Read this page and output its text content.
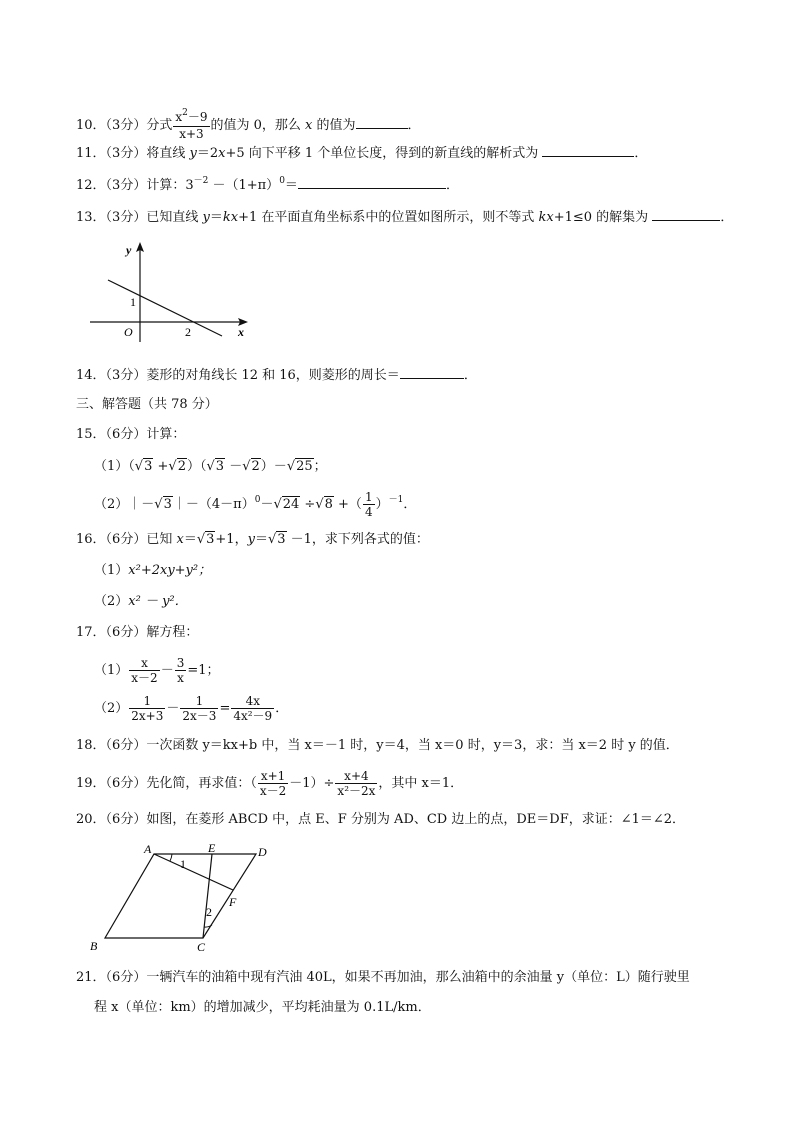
10．（3分）分式 $\frac{x^2-9}{x+3}$ 的值为 0，那么 x 的值为	．
11．（3分）将直线 y＝2x+5 向下平移 1 个单位长度，得到的新直线的解析式为	．
12．（3分）计算：$3^{-2} -(1+\pi)^0=$	．
13．（3分）已知直线 y＝kx+1 在平面直角坐标系中的位置如图所示，则不等式 kx+1≤0 的解集为	．
y
x
O
1
2
14．（3分）菱形的对角线长 12 和 16，则菱形的周长＝	．
三、解答题（共 78 分）
15．（6分）计算：
（1）（√3 +√2）（√3 －√2）－√25；
$(2)|-√3|-(4-\pi)^0-√24 \div√8$ +（ $\frac{1}{4} )^{-1}$．
16．（6分）已知 x＝√3+1，y＝√3 －1，求下列各式的值：
（1）x²+2xy+y²；
（2）x² － y²．
17．（6分）解方程：
$(1) \frac{x}{x-2} - \frac{3}{x} =1$；
$(2) \frac{1}{2x+3} - \frac{1}{2x-3} = \frac{4x}{\text{4x²－9}}$ ．
18．（6分）一次函数 y＝kx+b 中，当 x＝－1 时，y＝4，当 x＝0 时，y＝3，求：当 x＝2 时 y 的值．
19．（6分）先化简，再求值：（ $\frac{x+1}{x-2} -1)\div \frac{x+4}{\text{x²－2x}}$ ，其中 x＝1．
20．（6分）如图，在菱形 ABCD 中，点 E、F 分别为 AD、CD 边上的点，DE＝DF，求证：∠1＝∠2．
A	E	D
F
B	C
1
2
21．（6分）一辆汽车的油箱中现有汽油 40L，如果不再加油，那么油箱中的余油量 y（单位：L）随行驶里
程 x（单位：km）的增加减少，平均耗油量为 0.1L/km．
